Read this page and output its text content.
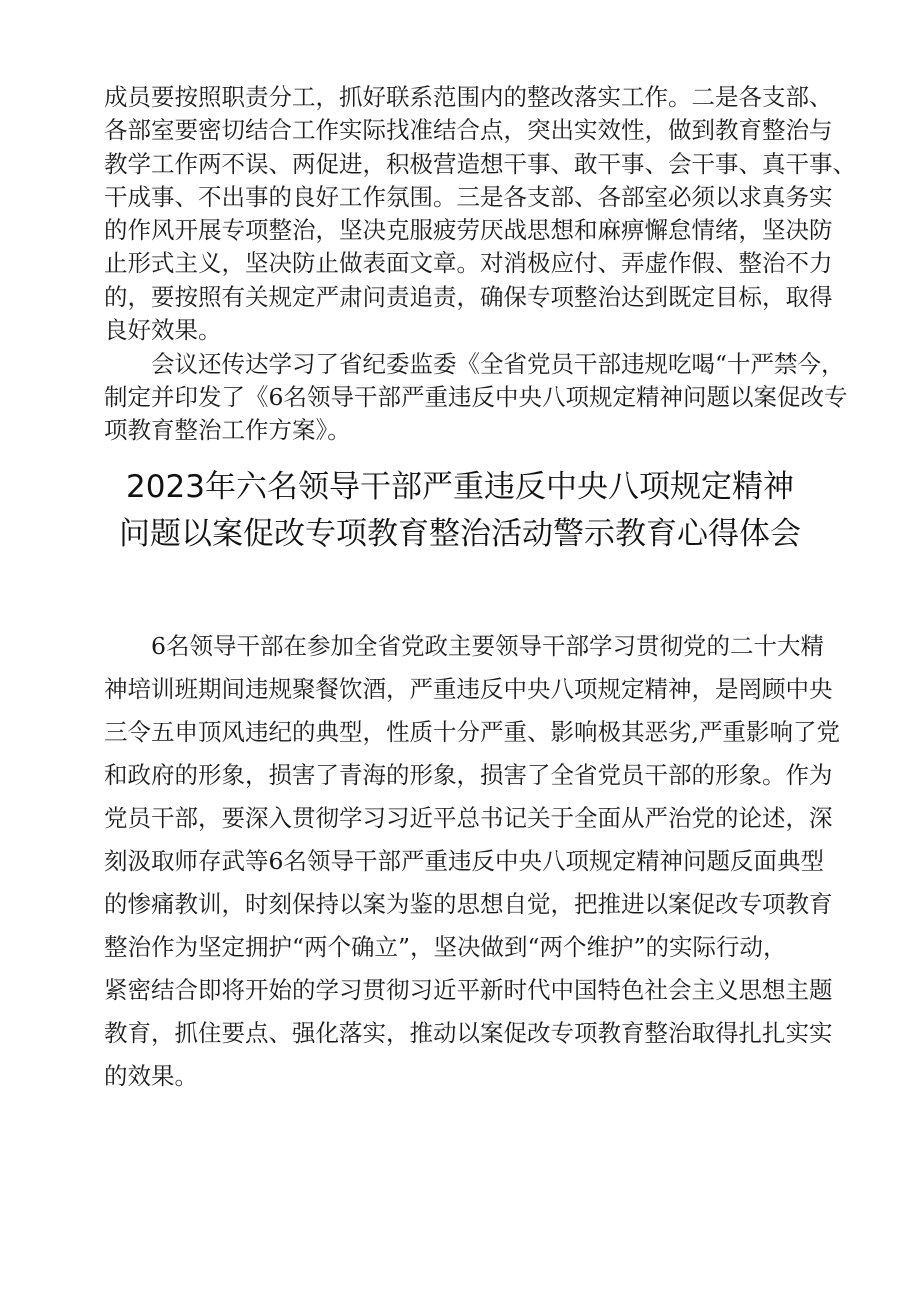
成员要按照职责分工，抓好联系范围内的整改落实工作。二是各支部、
各部室要密切结合工作实际找准结合点，突出实效性，做到教育整治与
教学工作两不误、两促进，积极营造想干事、敢干事、会干事、真干事、
干成事、不出事的良好工作氛围。三是各支部、各部室必须以求真务实
的作风开展专项整治，坚决克服疲劳厌战思想和麻痹懈怠情绪，坚决防
止形式主义，坚决防止做表面文章。对消极应付、弄虚作假、整治不力
的，要按照有关规定严肃问责追责，确保专项整治达到既定目标，取得
良好效果。
　　会议还传达学习了省纪委监委《全省党员干部违规吃喝“十严禁今，
制定并印发了《6名领导干部严重违反中央八项规定精神问题以案促改专
项教育整治工作方案》。
2023年六名领导干部严重违反中央八项规定精神
问题以案促改专项教育整治活动警示教育心得体会
　　6名领导干部在参加全省党政主要领导干部学习贯彻党的二十大精
神培训班期间违规聚餐饮酒，严重违反中央八项规定精神，是罔顾中央
三令五申顶风违纪的典型，性质十分严重、影响极其恶劣,严重影响了党
和政府的形象，损害了青海的形象，损害了全省党员干部的形象。作为
党员干部，要深入贯彻学习习近平总书记关于全面从严治党的论述，深
刻汲取师存武等6名领导干部严重违反中央八项规定精神问题反面典型
的惨痛教训，时刻保持以案为鉴的思想自觉，把推进以案促改专项教育
整治作为坚定拥护“两个确立”，坚决做到“两个维护”的实际行动，
紧密结合即将开始的学习贯彻习近平新时代中国特色社会主义思想主题
教育，抓住要点、强化落实，推动以案促改专项教育整治取得扎扎实实
的效果。
